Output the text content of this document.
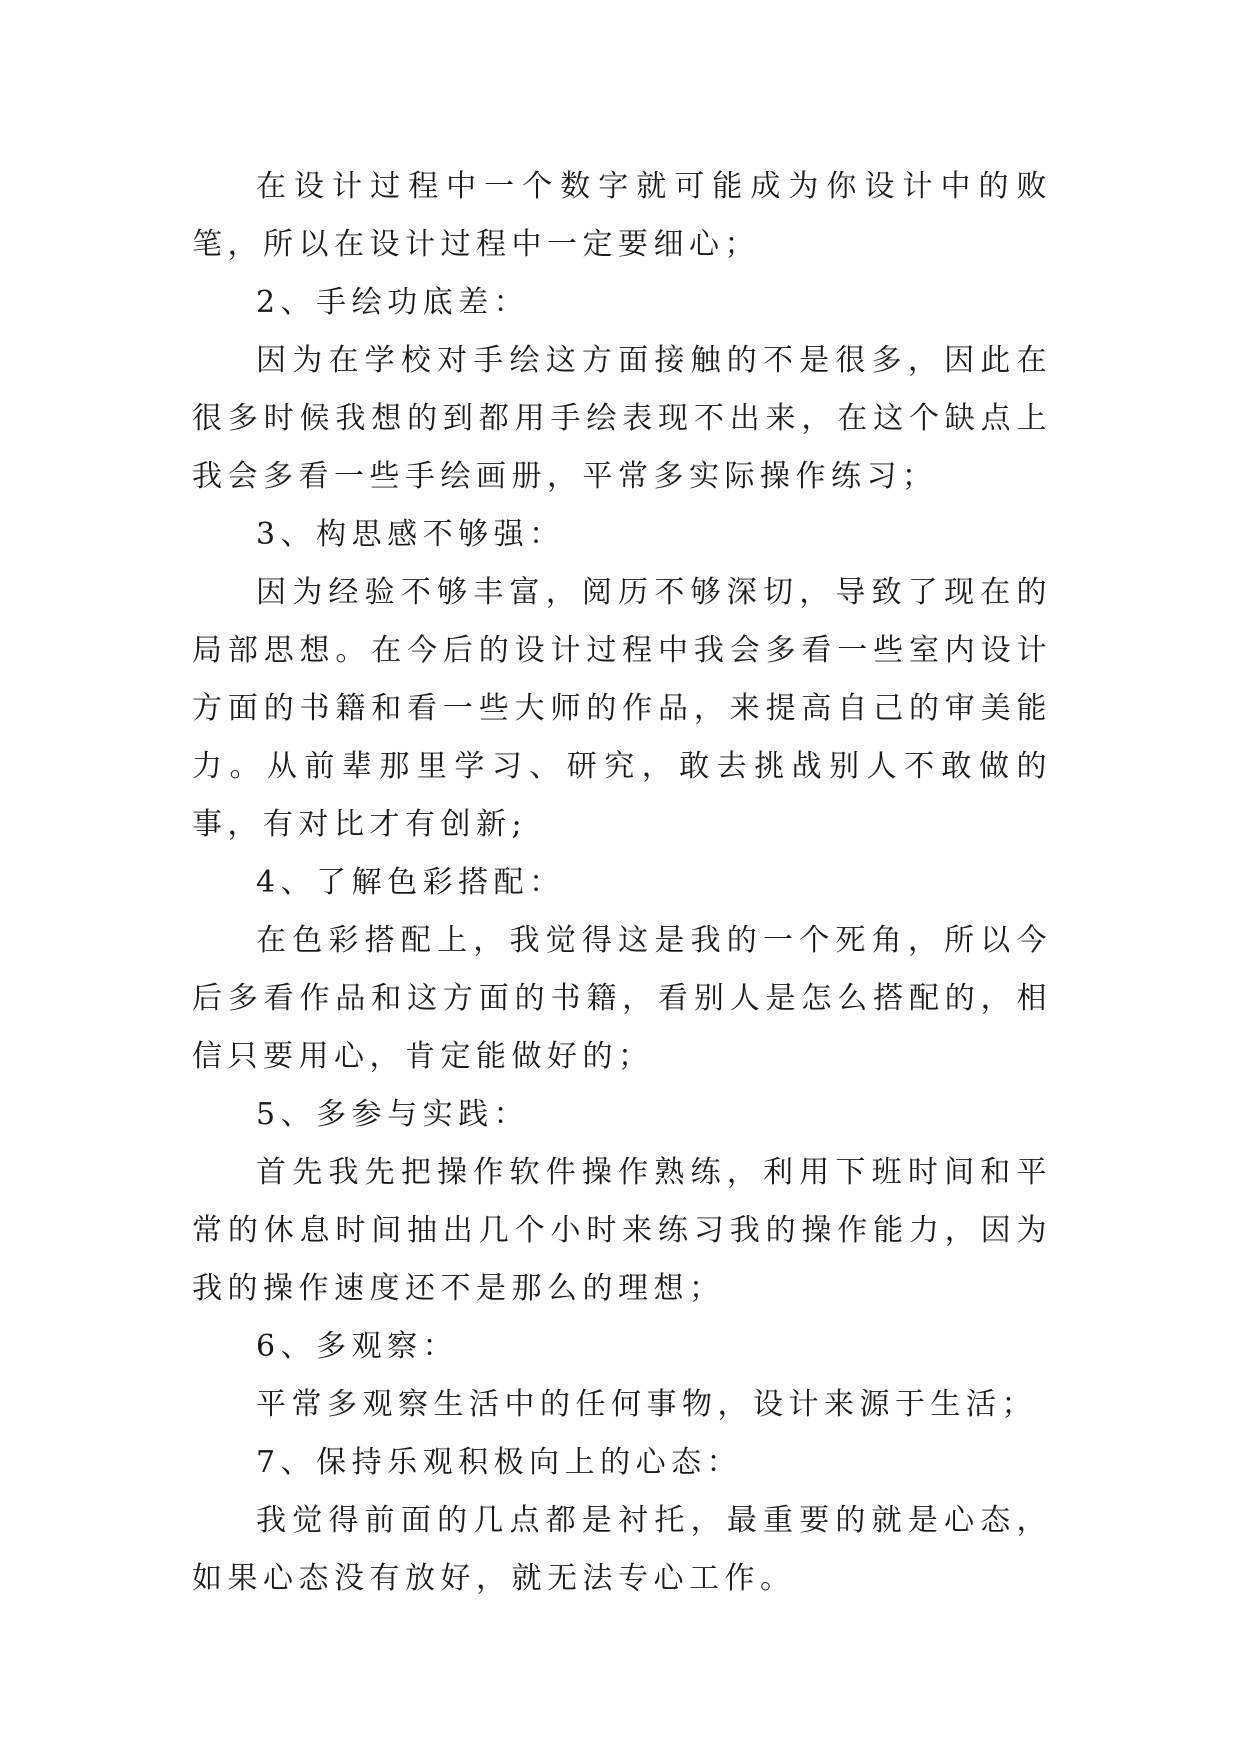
在设计过程中一个数字就可能成为你设计中的败笔，所以在设计过程中一定要细心；

2、手绘功底差：

因为在学校对手绘这方面接触的不是很多，因此在很多时候我想的到都用手绘表现不出来，在这个缺点上我会多看一些手绘画册，平常多实际操作练习；

3、构思感不够强：

因为经验不够丰富，阅历不够深切，导致了现在的局部思想。在今后的设计过程中我会多看一些室内设计方面的书籍和看一些大师的作品，来提高自己的审美能力。从前辈那里学习、研究，敢去挑战别人不敢做的事，有对比才有创新;

4、了解色彩搭配：

在色彩搭配上，我觉得这是我的一个死角，所以今后多看作品和这方面的书籍，看别人是怎么搭配的，相信只要用心，肯定能做好的；

5、多参与实践：

首先我先把操作软件操作熟练，利用下班时间和平常的休息时间抽出几个小时来练习我的操作能力，因为我的操作速度还不是那么的理想；

6、多观察：

平常多观察生活中的任何事物，设计来源于生活；

7、保持乐观积极向上的心态：

我觉得前面的几点都是衬托，最重要的就是心态，如果心态没有放好，就无法专心工作。
